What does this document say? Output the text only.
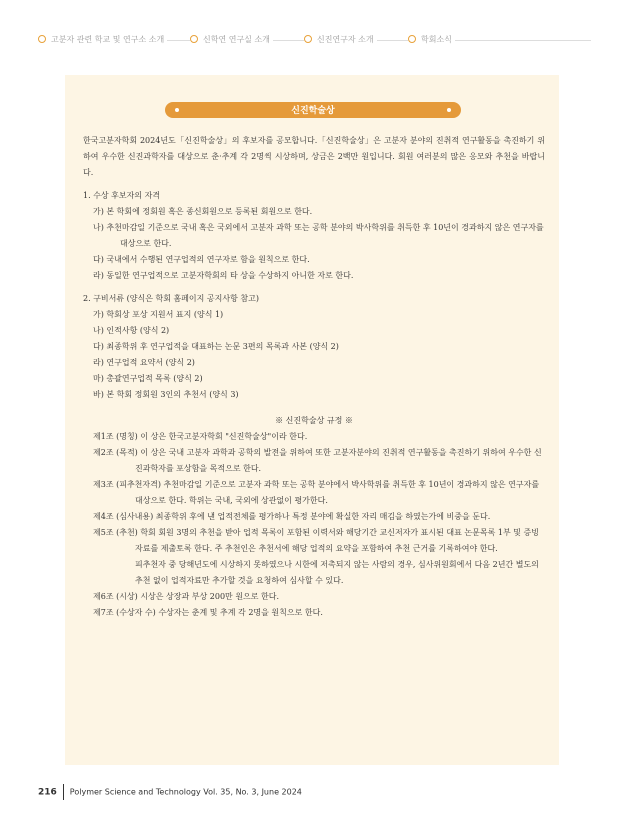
고분자 관련 학교 및 연구소 소개	신학연 연구실 소개	신진연구자 소개	학회소식
신진학술상

한국고분자학회 2024년도「신진학술상」의 후보자를 공모합니다.「신진학술상」은 고분자 분야의 진취적 연구활동을 촉진하기 위하여 우수한 신진과학자를 대상으로 춘·추계 각 2명씩 시상하며, 상금은 2백만 원입니다. 회원 여러분의 많은 응모와 추천을 바랍니다.

1. 수상 후보자의 자격

가) 본 학회에 정회원 혹은 종신회원으로 등록된 회원으로 한다.

나) 추천마감일 기준으로 국내 혹은 국외에서 고분자 과학 또는 공학 분야의 박사학위를 취득한 후 10년이 경과하지 않은 연구자를 대상으로 한다.

다) 국내에서 수행된 연구업적의 연구자로 함을 원칙으로 한다.

라) 동일한 연구업적으로 고분자학회의 타 상을 수상하지 아니한 자로 한다.

2. 구비서류 (양식은 학회 홈페이지 공지사항 참고)

가) 학회상 포상 지원서 표지 (양식 1)

나) 인적사항 (양식 2)

다) 최종학위 후 연구업적을 대표하는 논문 3편의 목록과 사본 (양식 2)

라) 연구업적 요약서 (양식 2)

마) 총괄연구업적 목록 (양식 2)

바) 본 학회 정회원 3인의 추천서 (양식 3)

※ 신진학술상 규정 ※

제1조 (명칭) 이 상은 한국고분자학회 "신진학술상"이라 한다.

제2조 (목적) 이 상은 국내 고분자 과학과 공학의 발전을 위하여 또한 고분자분야의 진취적 연구활동을 촉진하기 위하여 우수한 신진과학자를 포상함을 목적으로 한다.

제3조 (피추천자격) 추천마감일 기준으로 고분자 과학 또는 공학 분야에서 박사학위를 취득한 후 10년이 경과하지 않은 연구자를 대상으로 한다. 학위는 국내, 국외에 상관없이 평가한다.

제4조 (심사내용) 최종학위 후에 낸 업적전체를 평가하나 특정 분야에 확실한 자리 매김을 하였는가에 비중을 둔다.

제5조 (추천) 학회 회원 3명의 추천을 받아 업적 목록이 포함된 이력서와 해당기간 교신저자가 표시된 대표 논문목록 1부 및 증빙자료를 제출토록 한다. 주 추천인은 추천서에 해당 업적의 요약을 포함하여 추천 근거를 기록하여야 한다.

피추천자 중 당해년도에 시상하지 못하였으나 시한에 저촉되지 않는 사람의 경우, 심사위원회에서 다음 2년간 별도의 추천 없이 업적자료만 추가할 것을 요청하여 심사할 수 있다.

제6조 (시상) 시상은 상장과 부상 200만 원으로 한다.

제7조 (수상자 수) 수상자는 춘계 및 추계 각 2명을 원칙으로 한다.

216 Polymer Science and Technology Vol. 35, No. 3, June 2024
